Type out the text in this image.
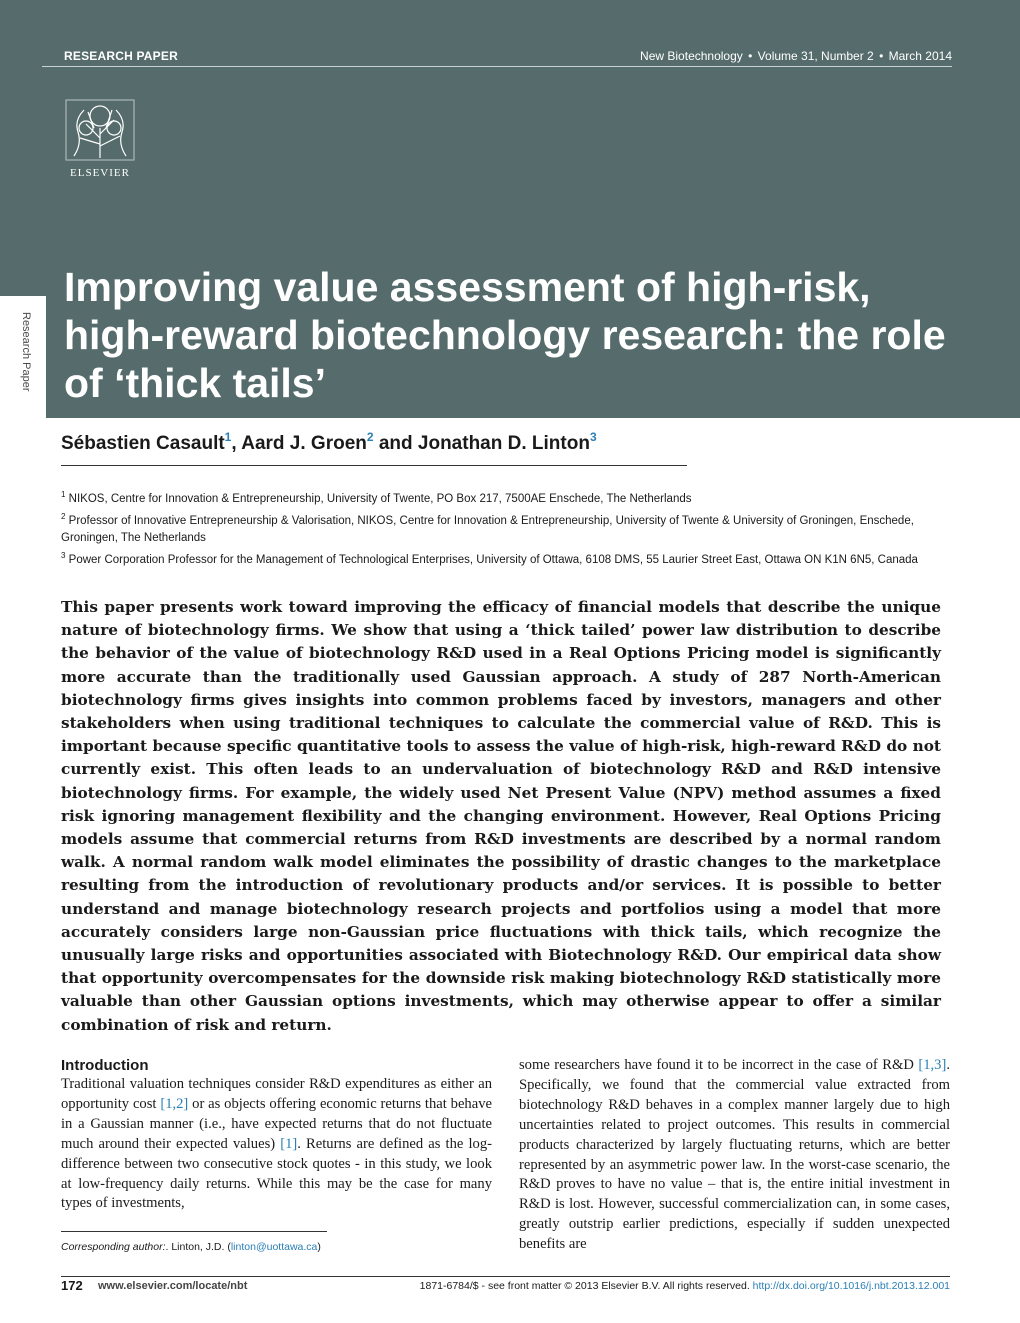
RESEARCH PAPER	New Biotechnology • Volume 31, Number 2 • March 2014
ELSEVIER
Improving value assessment of high-risk, high-reward biotechnology research: the role of ‘thick tails’
Research Paper
Sébastien Casault$^1$, Aard J. Groen$^2$ and Jonathan D. Linton$^3$

$^1$ NIKOS, Centre for Innovation & Entrepreneurship, University of Twente, PO Box 217, 7500AE Enschede, The Netherlands

$^2$ Professor of Innovative Entrepreneurship & Valorisation, NIKOS, Centre for Innovation & Entrepreneurship, University of Twente & University of Groningen, Enschede, Groningen, The Netherlands

$^3$ Power Corporation Professor for the Management of Technological Enterprises, University of Ottawa, 6108 DMS, 55 Laurier Street East, Ottawa ON K1N 6N5, Canada

This paper presents work toward improving the efficacy of financial models that describe the unique nature of biotechnology firms. We show that using a ‘thick tailed’ power law distribution to describe the behavior of the value of biotechnology R&D used in a Real Options Pricing model is significantly more accurate than the traditionally used Gaussian approach. A study of 287 North-American biotechnology firms gives insights into common problems faced by investors, managers and other stakeholders when using traditional techniques to calculate the commercial value of R&D. This is important because specific quantitative tools to assess the value of high-risk, high-reward R&D do not currently exist. This often leads to an undervaluation of biotechnology R&D and R&D intensive biotechnology firms. For example, the widely used Net Present Value (NPV) method assumes a fixed risk ignoring management flexibility and the changing environment. However, Real Options Pricing models assume that commercial returns from R&D investments are described by a normal random walk. A normal random walk model eliminates the possibility of drastic changes to the marketplace resulting from the introduction of revolutionary products and/or services. It is possible to better understand and manage biotechnology research projects and portfolios using a model that more accurately considers large non-Gaussian price fluctuations with thick tails, which recognize the unusually large risks and opportunities associated with Biotechnology R&D. Our empirical data show that opportunity overcompensates for the downside risk making biotechnology R&D statistically more valuable than other Gaussian options investments, which may otherwise appear to offer a similar combination of risk and return.

Introduction

Traditional valuation techniques consider R&D expenditures as either an opportunity cost [1,2] or as objects offering economic returns that behave in a Gaussian manner (i.e., have expected returns that do not fluctuate much around their expected values) [1]. Returns are defined as the log-difference between two consecutive stock quotes - in this study, we look at low-frequency daily returns. While this may be the case for many types of investments,

some researchers have found it to be incorrect in the case of R&D [1,3]. Specifically, we found that the commercial value extracted from biotechnology R&D behaves in a complex manner largely due to high uncertainties related to project outcomes. This results in commercial products characterized by largely fluctuating returns, which are better represented by an asymmetric power law. In the worst-case scenario, the R&D proves to have no value – that is, the entire initial investment in R&D is lost. However, successful commercialization can, in some cases, greatly outstrip earlier predictions, especially if sudden unexpected benefits are

Corresponding author:. Linton, J.D. (linton@uottawa.ca)
172 www.elsevier.com/locate/nbt	1871-6784/$ - see front matter © 2013 Elsevier B.V. All rights reserved. http://dx.doi.org/10.1016/j.nbt.2013.12.001
